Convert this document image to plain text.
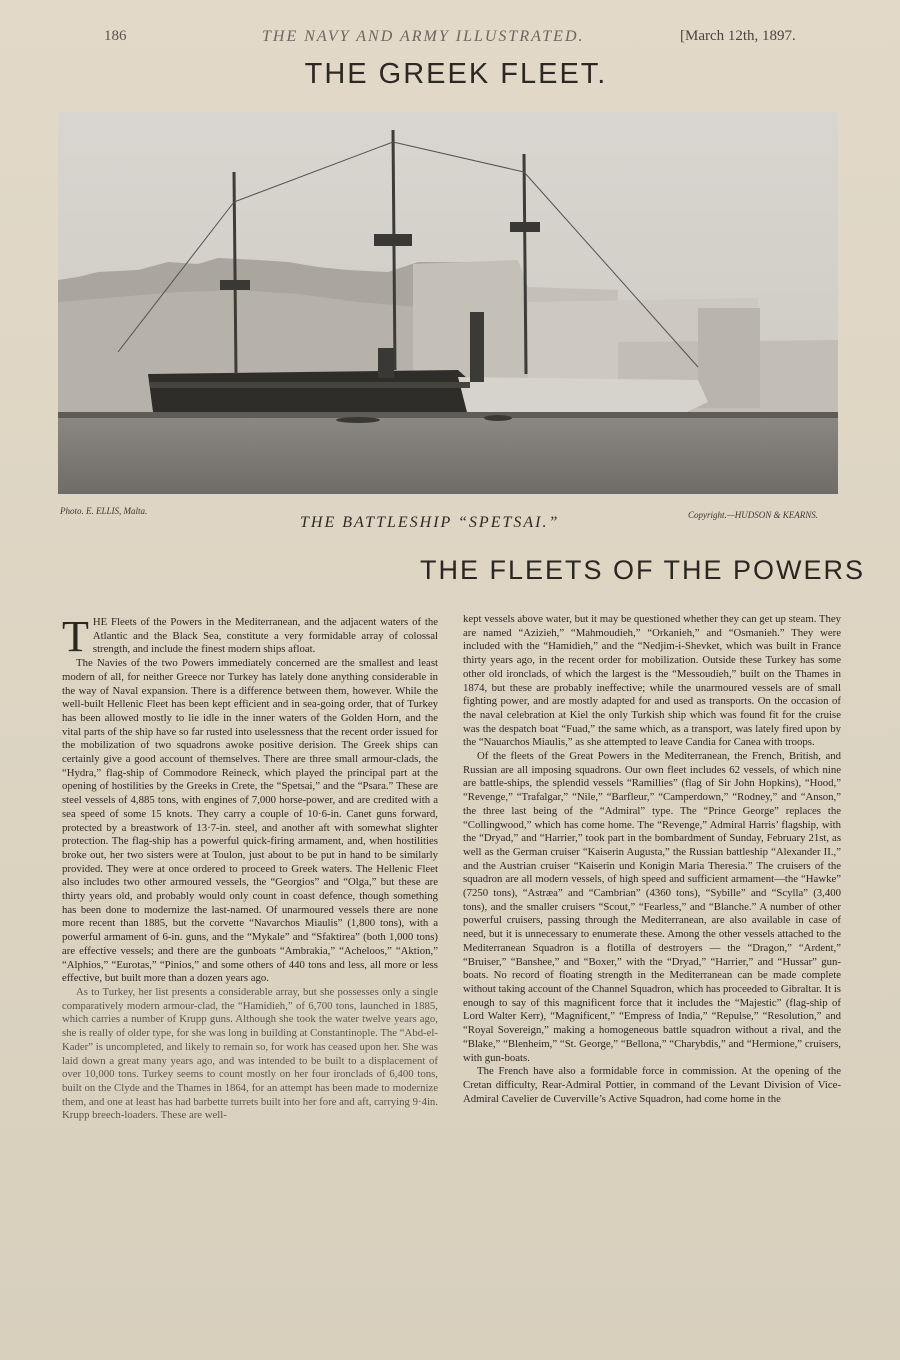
186	THE NAVY AND ARMY ILLUSTRATED.	[March 12th, 1897.
THE GREEK FLEET.
Photo. E. ELLIS, Malta.
THE BATTLESHIP “SPETSAI.”	Copyright.—HUDSON & KEARNS.
THE FLEETS OF THE POWERS

THE Fleets of the Powers in the Mediterranean, and the adjacent waters of the Atlantic and the Black Sea, constitute a very formidable array of colossal strength, and include the finest modern ships afloat.

The Navies of the two Powers immediately concerned are the smallest and least modern of all, for neither Greece nor Turkey has lately done anything considerable in the way of Naval expansion. There is a difference between them, however. While the well-built Hellenic Fleet has been kept efficient and in sea-going order, that of Turkey has been allowed mostly to lie idle in the inner waters of the Golden Horn, and the vital parts of the ship have so far rusted into uselessness that the recent order issued for the mobilization of two squadrons awoke positive derision. The Greek ships can certainly give a good account of themselves. There are three small armour-clads, the “Hydra,” flag-ship of Commodore Reineck, which played the principal part at the opening of hostilities by the Greeks in Crete, the “Spetsai,” and the “Psara.” These are steel vessels of 4,885 tons, with engines of 7,000 horse-power, and are credited with a sea speed of some 15 knots. They carry a couple of 10·6-in. Canet guns forward, protected by a breastwork of 13·7-in. steel, and another aft with somewhat slighter protection. The flag-ship has a powerful quick-firing armament, and, when hostilities broke out, her two sisters were at Toulon, just about to be put in hand to be similarly provided. They were at once ordered to proceed to Greek waters. The Hellenic Fleet also includes two other armoured vessels, the “Georgios” and “Olga,” but these are thirty years old, and probably would only count in coast defence, though something has been done to modernize the last-named. Of unarmoured vessels there are none more recent than 1885, but the corvette “Navarchos Miaulis” (1,800 tons), with a powerful armament of 6-in. guns, and the “Mykale” and “Sfaktirea” (both 1,000 tons) are effective vessels; and there are the gunboats “Ambrakia,” “Acheloos,” “Aktion,” “Alphios,” “Eurotas,” “Pinios,” and some others of 440 tons and less, all more or less effective, but built more than a dozen years ago.

As to Turkey, her list presents a considerable array, but she possesses only a single comparatively modern armour-clad, the “Hamidieh,” of 6,700 tons, launched in 1885, which carries a number of Krupp guns. Although she took the water twelve years ago, she is really of older type, for she was long in building at Constantinople. The “Abd-el-Kader” is uncompleted, and likely to remain so, for work has ceased upon her. She was laid down a great many years ago, and was intended to be built to a displacement of over 10,000 tons. Turkey seems to count mostly on her four ironclads of 6,400 tons, built on the Clyde and the Thames in 1864, for an attempt has been made to modernize them, and one at least has had barbette turrets built into her fore and aft, carrying 9·4in. Krupp breech-loaders. These are well-

kept vessels above water, but it may be questioned whether they can get up steam. They are named “Azizieh,” “Mahmoudieh,” “Orkanieh,” and “Osmanieh.” They were included with the “Hamidieh,” and the “Nedjim-i-Shevket, which was built in France thirty years ago, in the recent order for mobilization. Outside these Turkey has some other old ironclads, of which the largest is the “Messoudieh,” built on the Thames in 1874, but these are probably ineffective; while the unarmoured vessels are of small fighting power, and are mostly adapted for and used as transports. On the occasion of the naval celebration at Kiel the only Turkish ship which was found fit for the cruise was the despatch boat “Fuad,” the same which, as a transport, was lately fired upon by the “Nauarchos Miaulis,” as she attempted to leave Candia for Canea with troops.

Of the fleets of the Great Powers in the Mediterranean, the French, British, and Russian are all imposing squadrons. Our own fleet includes 62 vessels, of which nine are battle-ships, the splendid vessels “Ramillies” (flag of Sir John Hopkins), “Hood,” “Revenge,” “Trafalgar,” “Nile,” “Barfleur,” “Camperdown,” “Rodney,” and “Anson,” the three last being of the “Admiral” type. The “Prince George” replaces the “Collingwood,” which has come home. The “Revenge,” Admiral Harris’ flagship, with the “Dryad,” and “Harrier,” took part in the bombardment of Sunday, February 21st, as well as the German cruiser “Kaiserin Augusta,” the Russian battleship “Alexander II.,” and the Austrian cruiser “Kaiserin und Konigin Maria Theresia.” The cruisers of the squadron are all modern vessels, of high speed and sufficient armament—the “Hawke” (7250 tons), “Astræa” and “Cambrian” (4360 tons), “Sybille” and “Scylla” (3,400 tons), and the smaller cruisers “Scout,” “Fearless,” and “Blanche.” A number of other powerful cruisers, passing through the Mediterranean, are also available in case of need, but it is unnecessary to enumerate these. Among the other vessels attached to the Mediterranean Squadron is a flotilla of destroyers — the “Dragon,” “Ardent,” “Bruiser,” “Banshee,” and “Boxer,” with the “Dryad,” “Harrier,” and “Hussar” gun-boats. No record of floating strength in the Mediterranean can be made complete without taking account of the Channel Squadron, which has proceeded to Gibraltar. It is enough to say of this magnificent force that it includes the “Majestic” (flag-ship of Lord Walter Kerr), “Magnificent,” “Empress of India,” “Repulse,” “Resolution,” and “Royal Sovereign,” making a homogeneous battle squadron without a rival, and the “Blake,” “Blenheim,” “St. George,” “Bellona,” “Charybdis,” and “Hermione,” cruisers, with gun-boats.

The French have also a formidable force in commission. At the opening of the Cretan difficulty, Rear-Admiral Pottier, in command of the Levant Division of Vice-Admiral Cavelier de Cuverville’s Active Squadron, had come home in the
